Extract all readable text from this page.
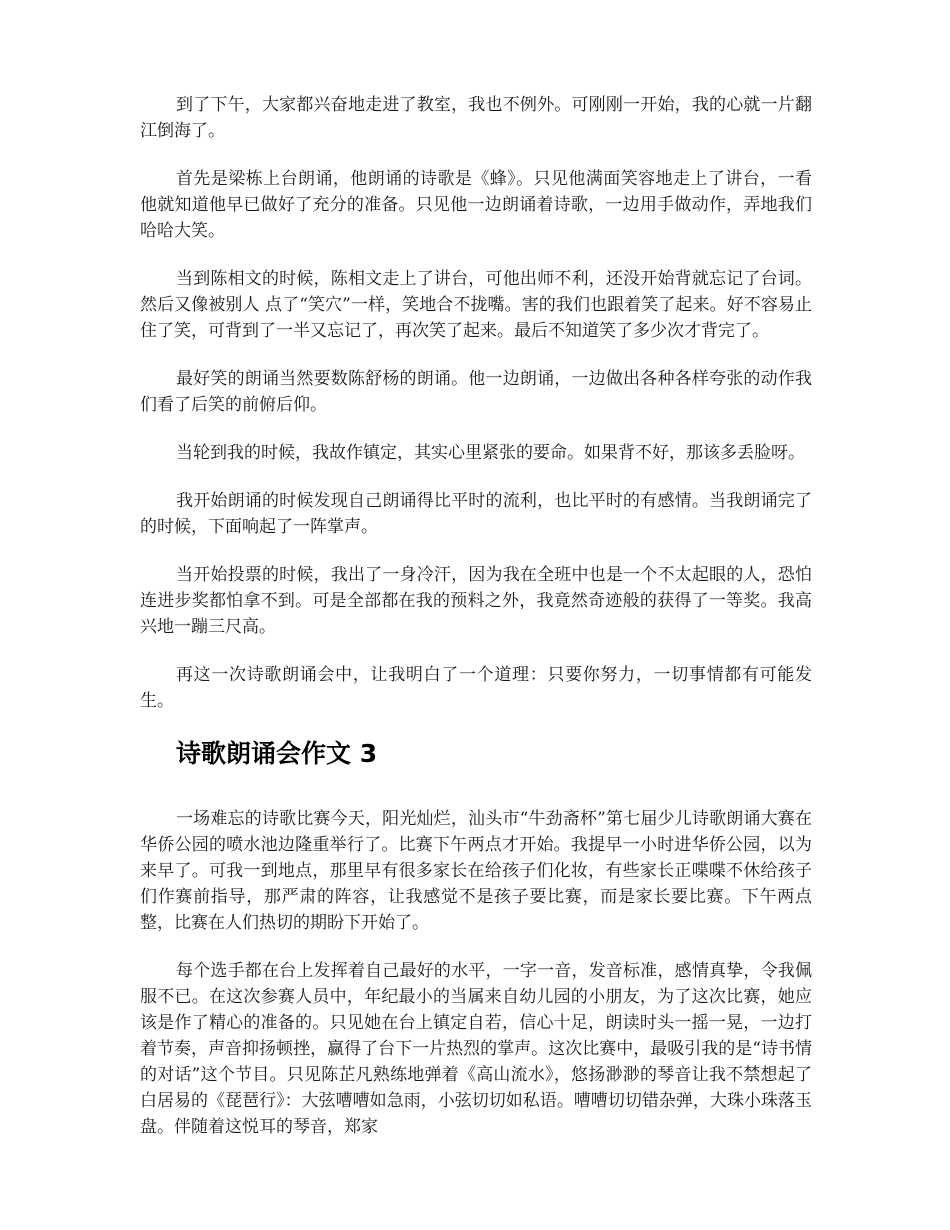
到了下午，大家都兴奋地走进了教室，我也不例外。可刚刚一开始，我的心就一片翻江倒海了。

首先是梁栋上台朗诵，他朗诵的诗歌是《蜂》。只见他满面笑容地走上了讲台，一看他就知道他早已做好了充分的准备。只见他一边朗诵着诗歌，一边用手做动作，弄地我们哈哈大笑。

当到陈相文的时候，陈相文走上了讲台，可他出师不利，还没开始背就忘记了台词。然后又像被别人 点了“笑穴”一样，笑地合不拢嘴。害的我们也跟着笑了起来。好不容易止住了笑，可背到了一半又忘记了，再次笑了起来。最后不知道笑了多少次才背完了。

最好笑的朗诵当然要数陈舒杨的朗诵。他一边朗诵，一边做出各种各样夸张的动作我们看了后笑的前俯后仰。

当轮到我的时候，我故作镇定，其实心里紧张的要命。如果背不好，那该多丢脸呀。

我开始朗诵的时候发现自己朗诵得比平时的流利，也比平时的有感情。当我朗诵完了的时候，下面响起了一阵掌声。

当开始投票的时候，我出了一身冷汗，因为我在全班中也是一个不太起眼的人，恐怕连进步奖都怕拿不到。可是全部都在我的预料之外，我竟然奇迹般的获得了一等奖。我高兴地一蹦三尺高。

再这一次诗歌朗诵会中，让我明白了一个道理：只要你努力，一切事情都有可能发生。

诗歌朗诵会作文 3

一场难忘的诗歌比赛今天，阳光灿烂，汕头市“牛劲斋杯”第七届少儿诗歌朗诵大赛在华侨公园的喷水池边隆重举行了。比赛下午两点才开始。我提早一小时进华侨公园，以为来早了。可我一到地点，那里早有很多家长在给孩子们化妆，有些家长正喋喋不休给孩子们作赛前指导，那严肃的阵容，让我感觉不是孩子要比赛，而是家长要比赛。下午两点整，比赛在人们热切的期盼下开始了。

每个选手都在台上发挥着自己最好的水平，一字一音，发音标准，感情真挚，令我佩服不已。在这次参赛人员中，年纪最小的当属来自幼儿园的小朋友，为了这次比赛，她应该是作了精心的准备的。只见她在台上镇定自若，信心十足，朗读时头一摇一晃，一边打着节奏，声音抑扬顿挫，赢得了台下一片热烈的掌声。这次比赛中，最吸引我的是“诗书情的对话”这个节目。只见陈芷凡熟练地弹着《高山流水》，悠扬渺渺的琴音让我不禁想起了白居易的《琵琶行》：大弦嘈嘈如急雨，小弦切切如私语。嘈嘈切切错杂弹，大珠小珠落玉盘。伴随着这悦耳的琴音，郑家
